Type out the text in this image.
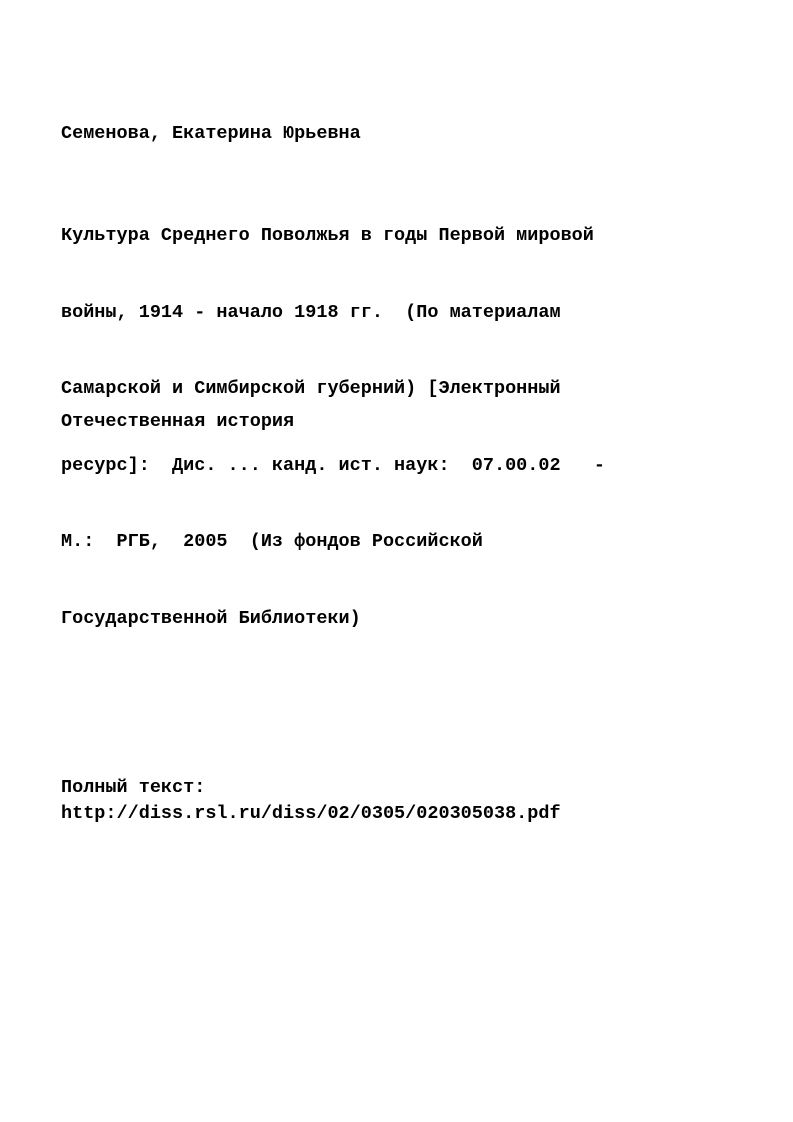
Семенова, Екатерина Юрьевна

Культура Среднего Поволжья в годы Первой мировой

войны, 1914 - начало 1918 гг.  (По материалам

Самарской и Симбирской губерний) [Электронный

ресурс]:  Дис. ... канд. ист. наук:  07.00.02   -

М.:  РГБ,  2005  (Из фондов Российской

Государственной Библиотеки)

Отечественная история
Полный текст:
http://diss.rsl.ru/diss/02/0305/020305038.pdf
